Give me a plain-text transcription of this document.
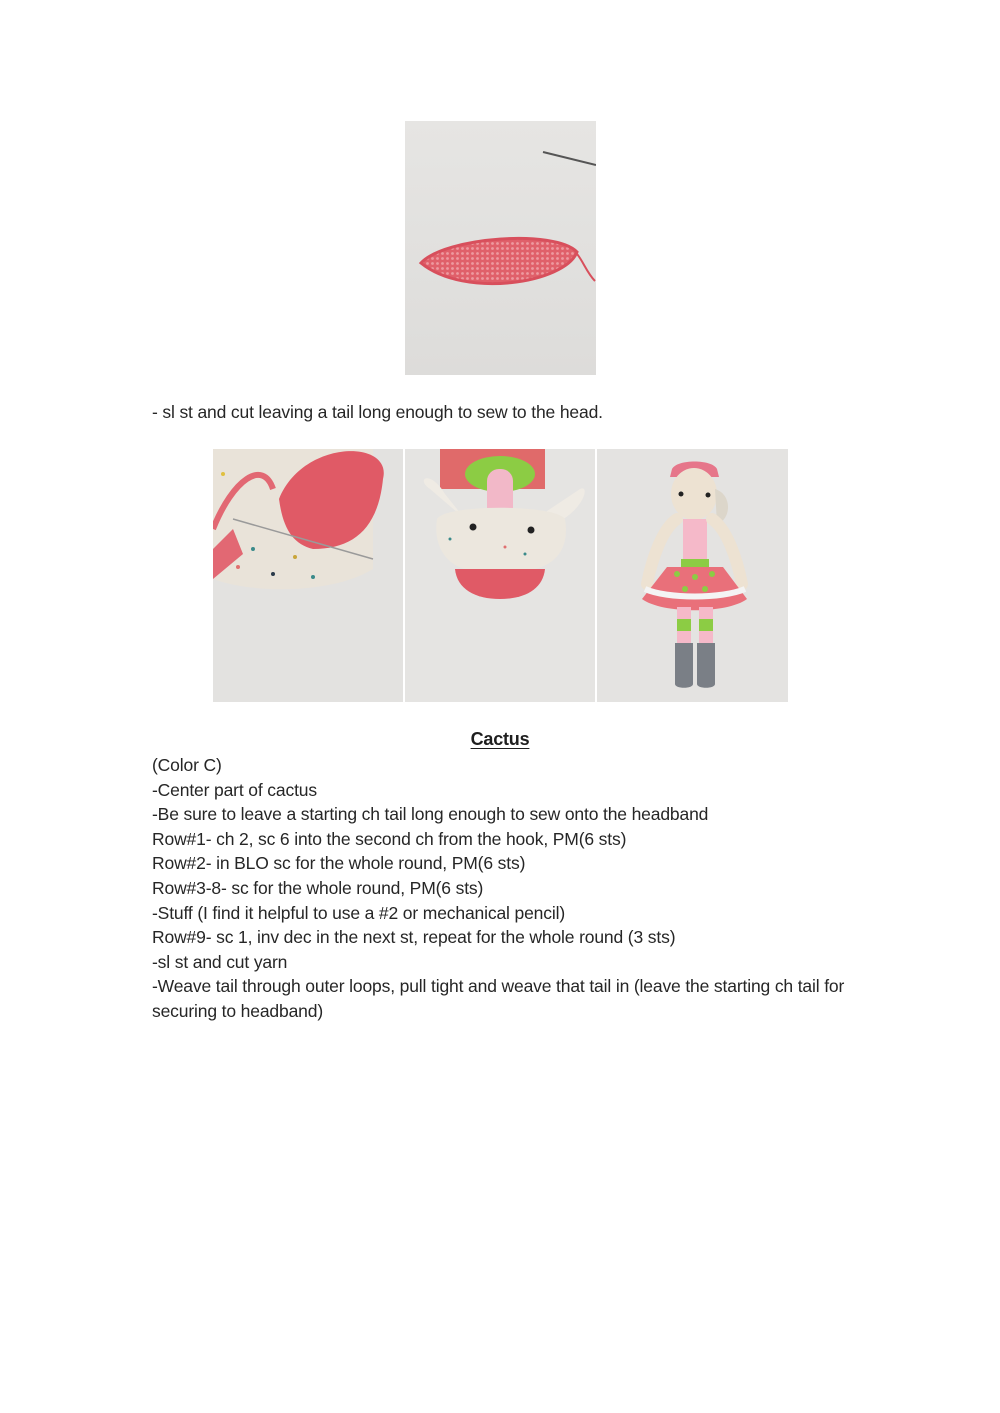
- sl st and cut leaving a tail long enough to sew to the head.
Cactus
(Color C)
-Center part of cactus
-Be sure to leave a starting ch tail long enough to sew onto the headband
Row#1- ch 2, sc 6 into the second ch from the hook, PM(6 sts)
Row#2- in BLO sc for the whole round, PM(6 sts)
Row#3-8- sc for the whole round, PM(6 sts)
-Stuff (I find it helpful to use a #2 or mechanical pencil)
Row#9- sc 1, inv dec in the next st, repeat for the whole round (3 sts)
-sl st and cut yarn
-Weave tail through outer loops, pull tight and weave that tail in (leave the starting ch tail for securing to headband)
